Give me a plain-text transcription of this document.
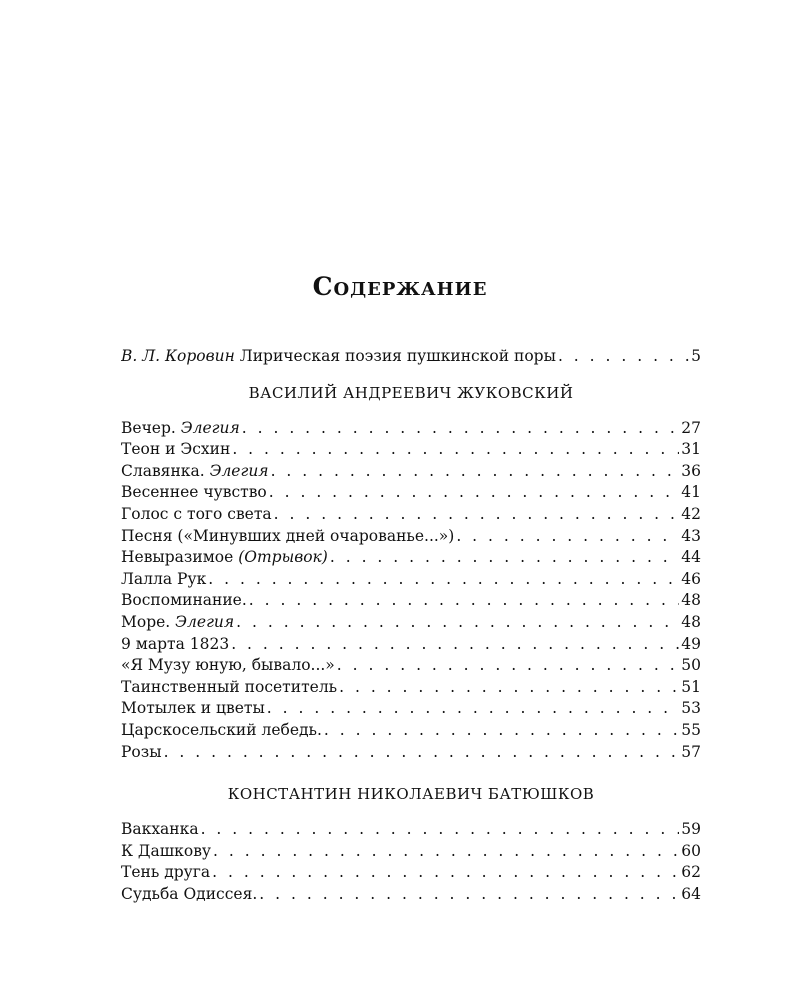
Содержание
В. Л. Коровин Лирическая поэзия пушкинской поры . . .	5
ВАСИЛИЙ АНДРЕЕВИЧ ЖУКОВСКИЙ
Вечер. Элегия . . .	27
Теон и Эсхин . . .	31
Славянка. Элегия . . .	36
Весеннее чувство . . .	41
Голос с того света . . .	42
Песня («Минувших дней очарованье...») . . .	43
Невыразимое (Отрывок) . . .	44
Лалла Рук . . .	46
Воспоминание. . . .	48
Море. Элегия . . .	48
9 марта 1823 . . .	49
«Я Музу юную, бывало...» . . .	50
Таинственный посетитель . . .	51
Мотылек и цветы . . .	53
Царскосельский лебедь. . . .	55
Розы . . .	57
КОНСТАНТИН НИКОЛАЕВИЧ БАТЮШКОВ
Вакханка . . .	59
К Дашкову . . .	60
Тень друга . . .	62
Судьба Одиссея. . . .	64
